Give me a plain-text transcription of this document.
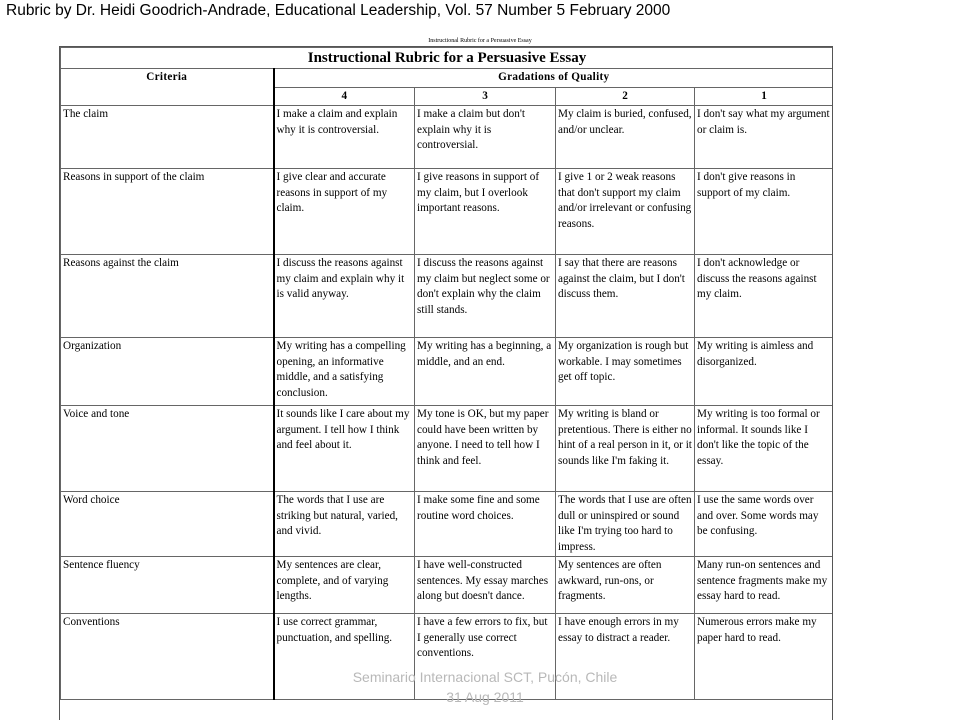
Rubric by Dr. Heidi Goodrich-Andrade, Educational Leadership, Vol. 57 Number 5 February 2000
Instructional Rubric for a Persuasive Essay
Instructional Rubric for a Persuasive Essay				
Criteria	Gradations of Quality			
	4	3	2	1
The claim	I make a claim and explain why it is controversial.	I make a claim but don't explain why it is controversial.	My claim is buried, confused, and/or unclear.	I don't say what my argument or claim is.
Reasons in support of the claim	I give clear and accurate reasons in support of my claim.	I give reasons in support of my claim, but I overlook important reasons.	I give 1 or 2 weak reasons that don't support my claim and/or irrelevant or confusing reasons.	I don't give reasons in support of my claim.
Reasons against the claim	I discuss the reasons against my claim and explain why it is valid anyway.	I discuss the reasons against my claim but neglect some or don't explain why the claim still stands.	I say that there are reasons against the claim, but I don't discuss them.	I don't acknowledge or discuss the reasons against my claim.
Organization	My writing has a compelling opening, an informative middle, and a satisfying conclusion.	My writing has a beginning, a middle, and an end.	My organization is rough but workable. I may sometimes get off topic.	My writing is aimless and disorganized.
Voice and tone	It sounds like I care about my argument. I tell how I think and feel about it.	My tone is OK, but my paper could have been written by anyone. I need to tell how I think and feel.	My writing is bland or pretentious. There is either no hint of a real person in it, or it sounds like I'm faking it.	My writing is too formal or informal. It sounds like I don't like the topic of the essay.
Word choice	The words that I use are striking but natural, varied, and vivid.	I make some fine and some routine word choices.	The words that I use are often dull or uninspired or sound like I'm trying too hard to impress.	I use the same words over and over. Some words may be confusing.
Sentence fluency	My sentences are clear, complete, and of varying lengths.	I have well-constructed sentences. My essay marches along but doesn't dance.	My sentences are often awkward, run-ons, or fragments.	Many run-on sentences and sentence fragments make my essay hard to read.
Conventions	I use correct grammar, punctuation, and spelling.	I have a few errors to fix, but I generally use correct conventions.	I have enough errors in my essay to distract a reader.	Numerous errors make my paper hard to read.
Seminario Internacional SCT, Pucón, Chile
31 Aug 2011
